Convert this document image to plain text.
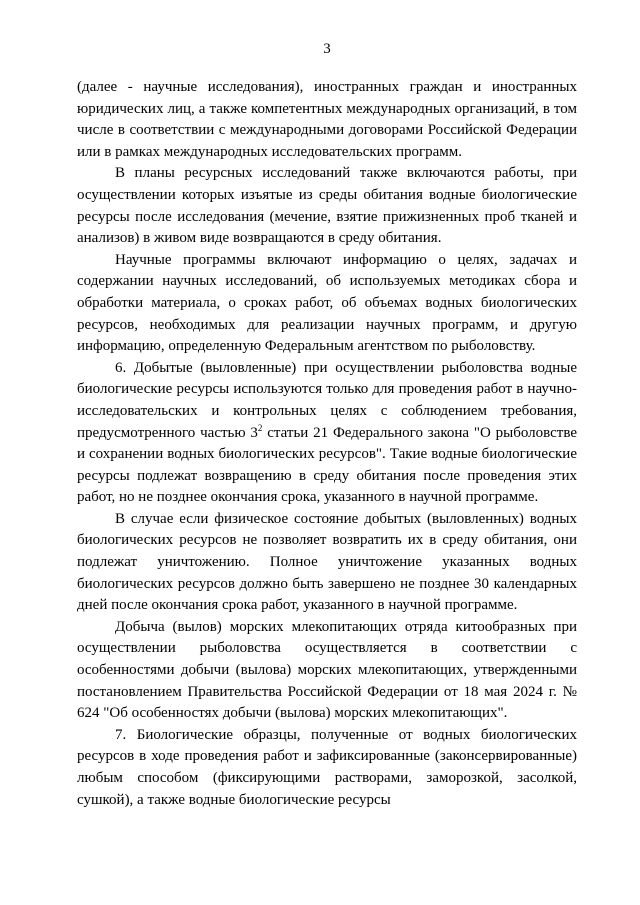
3

(далее - научные исследования), иностранных граждан и иностранных юридических лиц, а также компетентных международных организаций, в том числе в соответствии с международными договорами Российской Федерации или в рамках международных исследовательских программ.

В планы ресурсных исследований также включаются работы, при осуществлении которых изъятые из среды обитания водные биологические ресурсы после исследования (мечение, взятие прижизненных проб тканей и анализов) в живом виде возвращаются в среду обитания.

Научные программы включают информацию о целях, задачах и содержании научных исследований, об используемых методиках сбора и обработки материала, о сроках работ, об объемах водных биологических ресурсов, необходимых для реализации научных программ, и другую информацию, определенную Федеральным агентством по рыболовству.

6. Добытые (выловленные) при осуществлении рыболовства водные биологические ресурсы используются только для проведения работ в научно-исследовательских и контрольных целях с соблюдением требования, предусмотренного частью $3^2$ статьи 21 Федерального закона "О рыболовстве и сохранении водных биологических ресурсов". Такие водные биологические ресурсы подлежат возвращению в среду обитания после проведения этих работ, но не позднее окончания срока, указанного в научной программе.

В случае если физическое состояние добытых (выловленных) водных биологических ресурсов не позволяет возвратить их в среду обитания, они подлежат уничтожению. Полное уничтожение указанных водных биологических ресурсов должно быть завершено не позднее 30 календарных дней после окончания срока работ, указанного в научной программе.

Добыча (вылов) морских млекопитающих отряда китообразных при осуществлении рыболовства осуществляется в соответствии с особенностями добычи (вылова) морских млекопитающих, утвержденными постановлением Правительства Российской Федерации от 18 мая 2024 г. № 624 "Об особенностях добычи (вылова) морских млекопитающих".

7. Биологические образцы, полученные от водных биологических ресурсов в ходе проведения работ и зафиксированные (законсервированные) любым способом (фиксирующими растворами, заморозкой, засолкой, сушкой), а также водные биологические ресурсы
